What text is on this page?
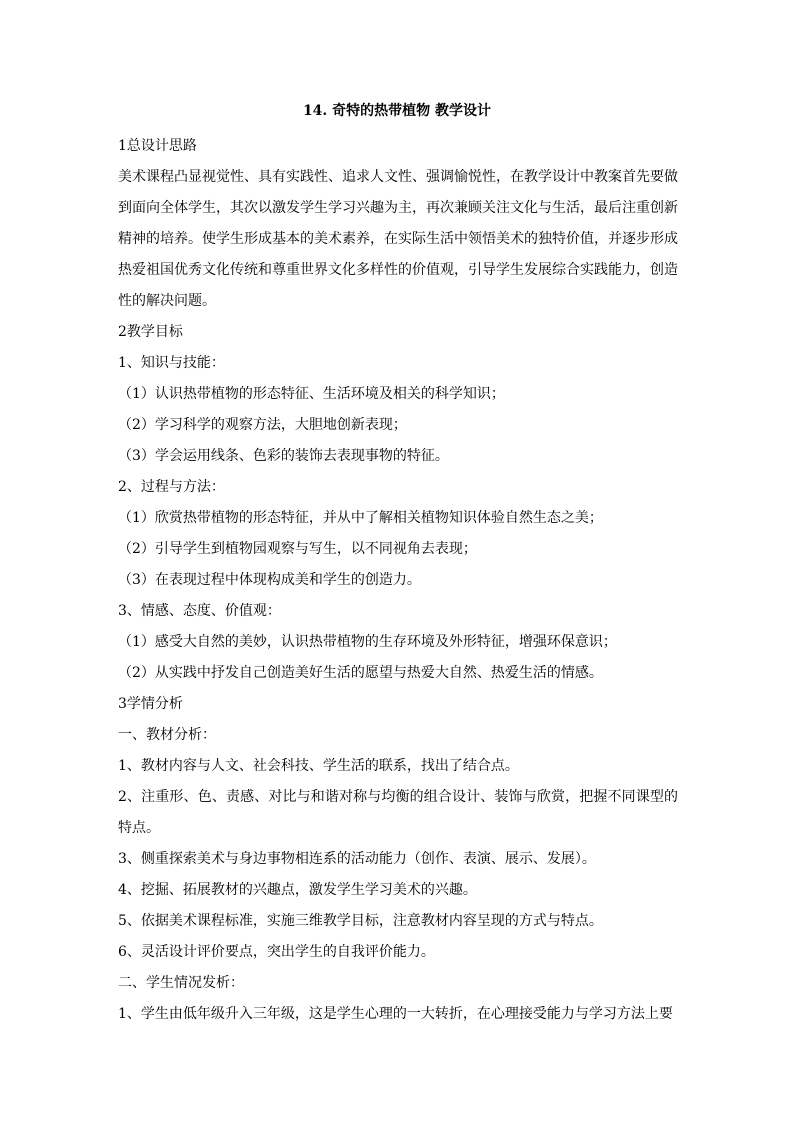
14. 奇特的热带植物 教学设计
1总设计思路
美术课程凸显视觉性、具有实践性、追求人文性、强调愉悦性，在教学设计中教案首先要做到面向全体学生，其次以激发学生学习兴趣为主，再次兼顾关注文化与生活，最后注重创新精神的培养。使学生形成基本的美术素养，在实际生活中领悟美术的独特价值，并逐步形成热爱祖国优秀文化传统和尊重世界文化多样性的价值观，引导学生发展综合实践能力，创造性的解决问题。
2教学目标
1、知识与技能：
（1）认识热带植物的形态特征、生活环境及相关的科学知识；
（2）学习科学的观察方法，大胆地创新表现；
（3）学会运用线条、色彩的装饰去表现事物的特征。
2、过程与方法：
（1）欣赏热带植物的形态特征，并从中了解相关植物知识体验自然生态之美；
（2）引导学生到植物园观察与写生，以不同视角去表现；
（3）在表现过程中体现构成美和学生的创造力。
3、情感、态度、价值观：
（1）感受大自然的美妙，认识热带植物的生存环境及外形特征，增强环保意识；
（2）从实践中抒发自己创造美好生活的愿望与热爱大自然、热爱生活的情感。
3学情分析
一、教材分析：
1、教材内容与人文、社会科技、学生活的联系，找出了结合点。
2、注重形、色、责感、对比与和谐对称与均衡的组合设计、装饰与欣赏，把握不同课型的特点。
3、侧重探索美术与身边事物相连系的活动能力（创作、表演、展示、发展）。
4、挖掘、拓展教材的兴趣点，激发学生学习美术的兴趣。
5、依据美术课程标准，实施三维教学目标，注意教材内容呈现的方式与特点。
6、灵活设计评价要点，突出学生的自我评价能力。
二、学生情况发析：
1、学生由低年级升入三年级，这是学生心理的一大转折，在心理接受能力与学习方法上要
